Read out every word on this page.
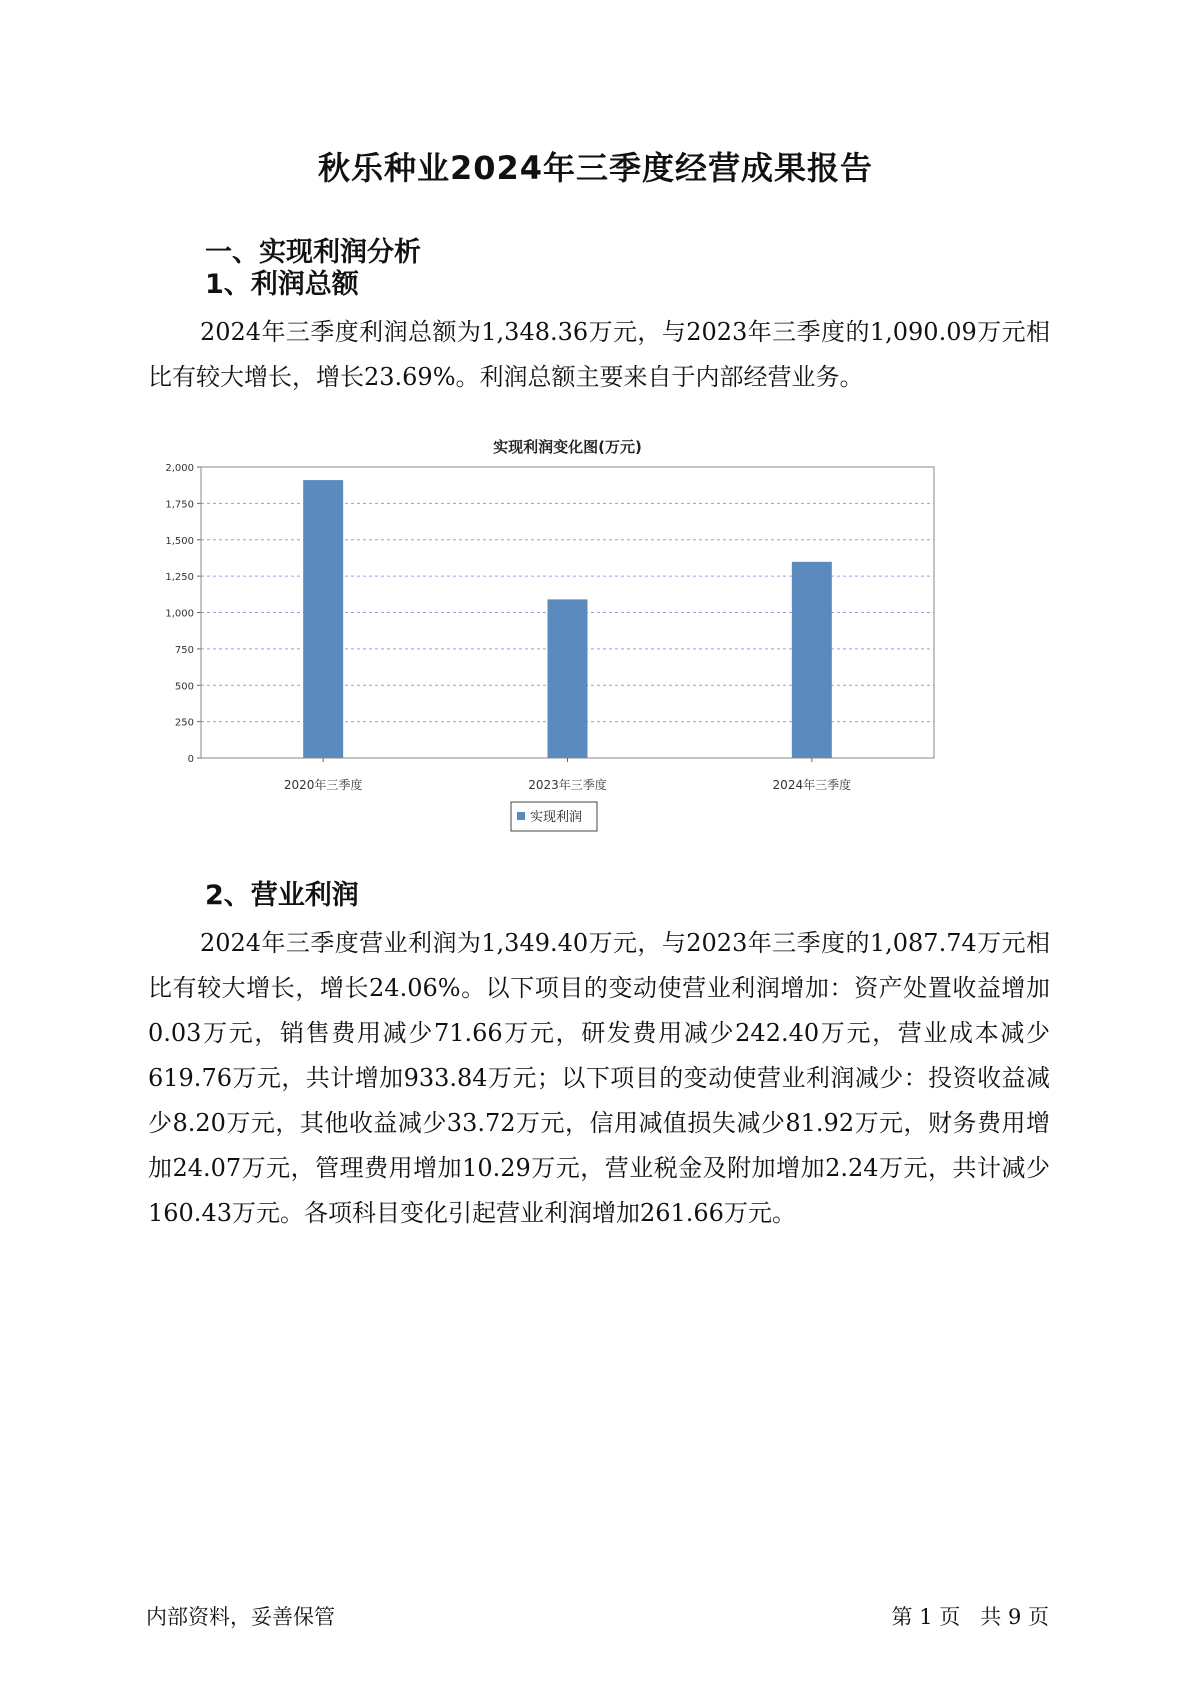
秋乐种业2024年三季度经营成果报告
一、实现利润分析
1、利润总额

2024年三季度利润总额为1,348.36万元，与2023年三季度的1,090.09万元相比有较大增长，增长23.69%。利润总额主要来自于内部经营业务。

实现利润变化图(万元)
0
250
500
750
1,000
1,250
1,500
1,750
2,000
2020年三季度	2023年三季度	2024年三季度
实现利润
2、营业利润

2024年三季度营业利润为1,349.40万元，与2023年三季度的1,087.74万元相比有较大增长，增长24.06%。以下项目的变动使营业利润增加：资产处置收益增加0.03万元，销售费用减少71.66万元，研发费用减少242.40万元，营业成本减少619.76万元，共计增加933.84万元；以下项目的变动使营业利润减少：投资收益减少8.20万元，其他收益减少33.72万元，信用减值损失减少81.92万元，财务费用增加24.07万元，管理费用增加10.29万元，营业税金及附加增加2.24万元，共计减少160.43万元。各项科目变化引起营业利润增加261.66万元。

内部资料，妥善保管	第 1 页   共 9 页
